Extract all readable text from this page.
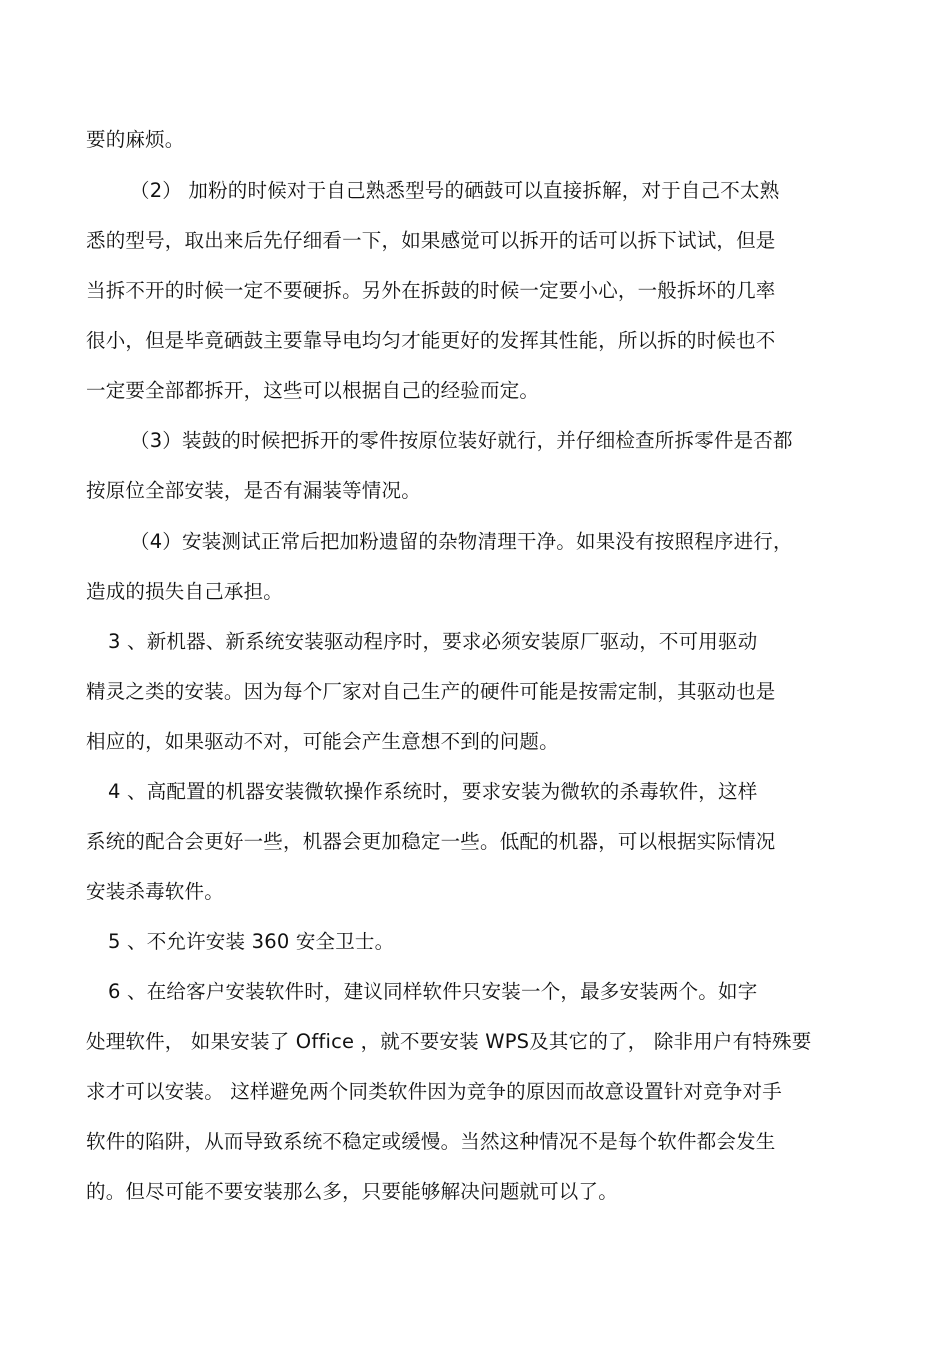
要的麻烦。
（2） 加粉的时候对于自己熟悉型号的硒鼓可以直接拆解，对于自己不太熟
悉的型号，取出来后先仔细看一下，如果感觉可以拆开的话可以拆下试试，但是
当拆不开的时候一定不要硬拆。另外在拆鼓的时候一定要小心，一般拆坏的几率
很小，但是毕竟硒鼓主要靠导电均匀才能更好的发挥其性能，所以拆的时候也不
一定要全部都拆开，这些可以根据自己的经验而定。
（3）装鼓的时候把拆开的零件按原位装好就行，并仔细检查所拆零件是否都
按原位全部安装，是否有漏装等情况。
（4）安装测试正常后把加粉遗留的杂物清理干净。如果没有按照程序进行，
造成的损失自己承担。
3 、新机器、新系统安装驱动程序时，要求必须安装原厂驱动，不可用驱动
精灵之类的安装。因为每个厂家对自己生产的硬件可能是按需定制，其驱动也是
相应的，如果驱动不对，可能会产生意想不到的问题。
4 、高配置的机器安装微软操作系统时，要求安装为微软的杀毒软件，这样
系统的配合会更好一些，机器会更加稳定一些。低配的机器，可以根据实际情况
安装杀毒软件。
5 、不允许安装 360 安全卫士。
6 、在给客户安装软件时，建议同样软件只安装一个，最多安装两个。如字
处理软件， 如果安装了 Office ，就不要安装 WPS及其它的了， 除非用户有特殊要
求才可以安装。 这样避免两个同类软件因为竞争的原因而故意设置针对竞争对手
软件的陷阱，从而导致系统不稳定或缓慢。当然这种情况不是每个软件都会发生
的。但尽可能不要安装那么多，只要能够解决问题就可以了。
